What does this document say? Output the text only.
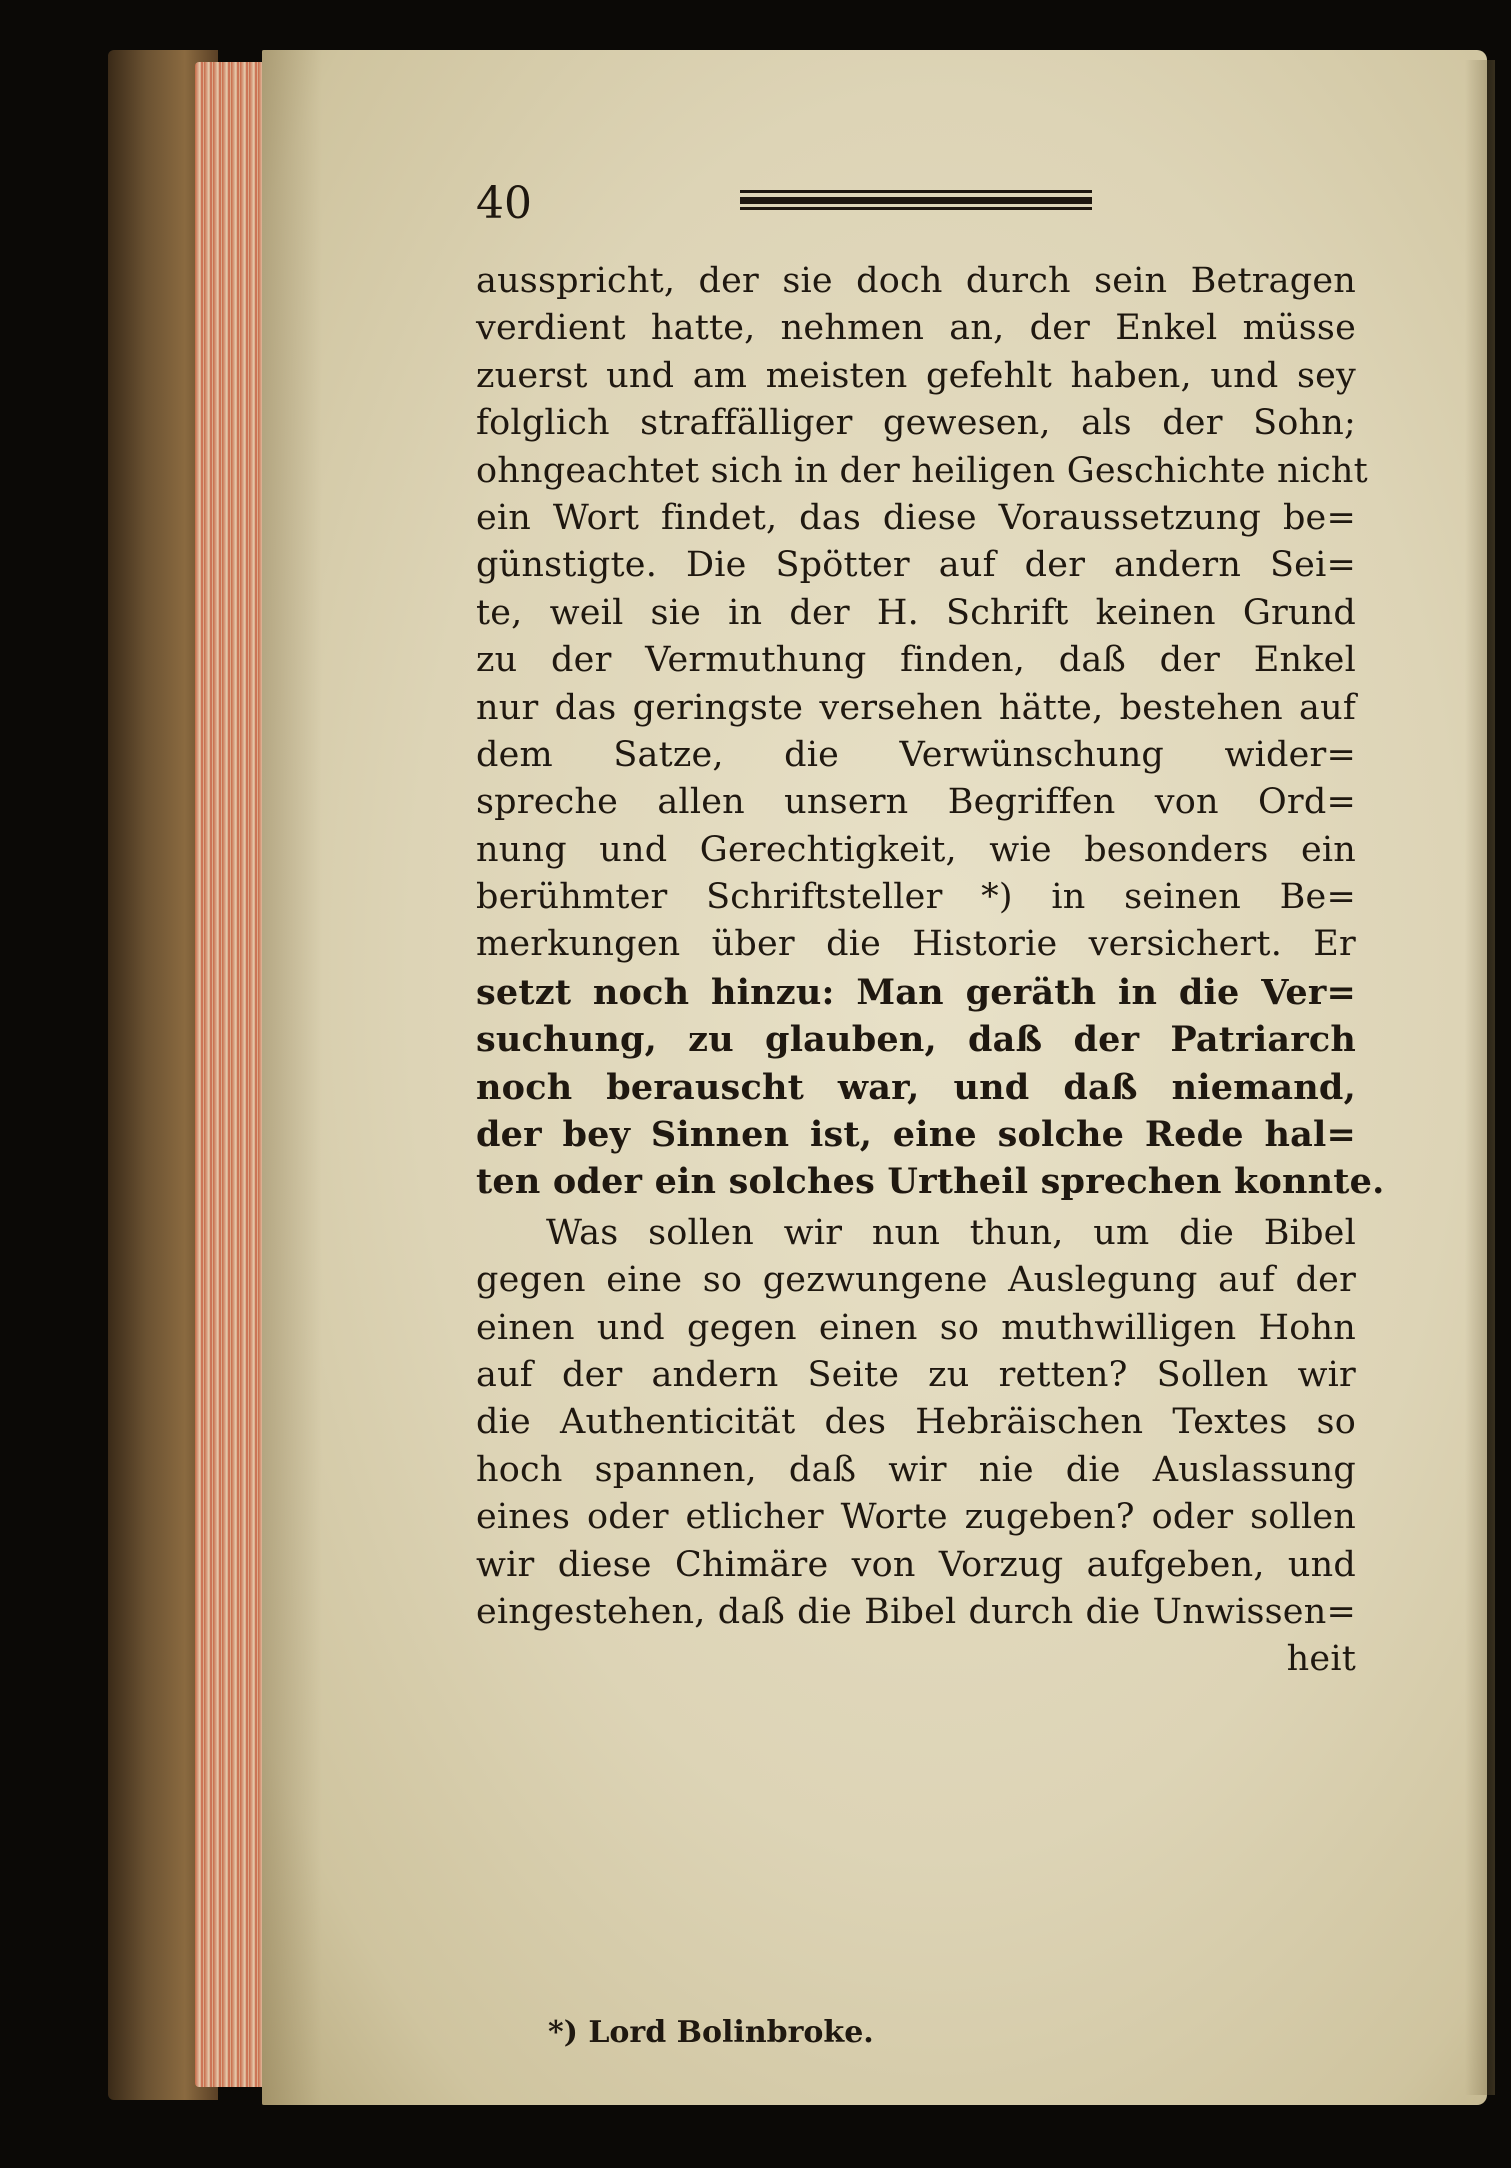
40
ausspricht, der sie doch durch sein Betragen
verdient hatte, nehmen an, der Enkel müsse
zuerst und am meisten gefehlt haben, und sey
folglich straffälliger gewesen, als der Sohn;
ohngeachtet sich in der heiligen Geschichte nicht
ein Wort findet, das diese Voraussetzung be=
günstigte. Die Spötter auf der andern Sei=
te, weil sie in der H. Schrift keinen Grund
zu der Vermuthung finden, daß der Enkel
nur das geringste versehen hätte, bestehen auf
dem Satze, die Verwünschung wider=
spreche allen unsern Begriffen von Ord=
nung und Gerechtigkeit, wie besonders ein
berühmter Schriftsteller *) in seinen Be=
merkungen über die Historie versichert. Er
setzt noch hinzu: Man geräth in die Ver=
suchung, zu glauben, daß der Patriarch
noch berauscht war, und daß niemand,
der bey Sinnen ist, eine solche Rede hal=
ten oder ein solches Urtheil sprechen konnte.
Was sollen wir nun thun, um die Bibel
gegen eine so gezwungene Auslegung auf der
einen und gegen einen so muthwilligen Hohn
auf der andern Seite zu retten? Sollen wir
die Authenticität des Hebräischen Textes so
hoch spannen, daß wir nie die Auslassung
eines oder etlicher Worte zugeben? oder sollen
wir diese Chimäre von Vorzug aufgeben, und
eingestehen, daß die Bibel durch die Unwissen=
heit
*) Lord Bolinbroke.
